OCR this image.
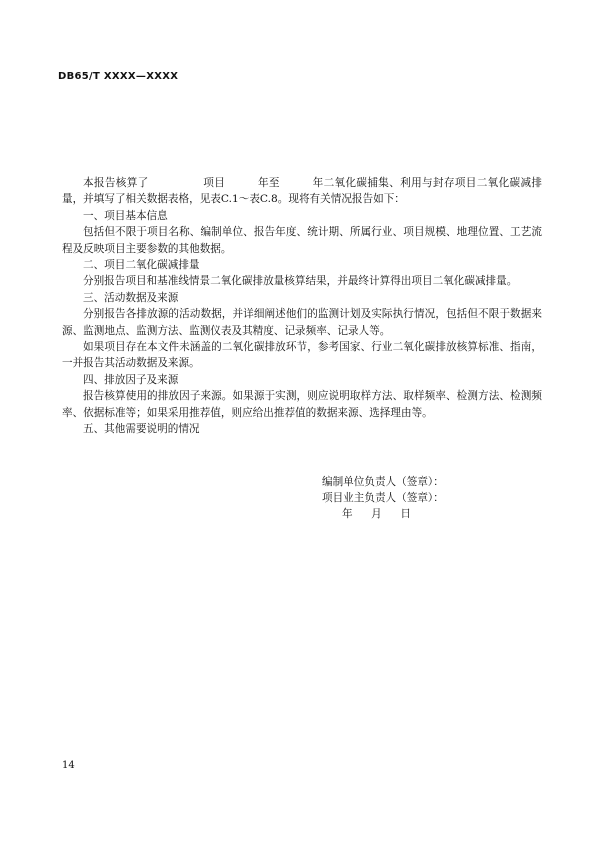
DB65/T XXXX—XXXX

本报告核算了　　　　　项目　　　年至　　　年二氧化碳捕集、利用与封存项目二氧化碳减排量，并填写了相关数据表格，见表C.1～表C.8。现将有关情况报告如下：

一、项目基本信息

包括但不限于项目名称、编制单位、报告年度、统计期、所属行业、项目规模、地理位置、工艺流程及反映项目主要参数的其他数据。

二、项目二氧化碳减排量

分别报告项目和基准线情景二氧化碳排放量核算结果，并最终计算得出项目二氧化碳减排量。

三、活动数据及来源

分别报告各排放源的活动数据，并详细阐述他们的监测计划及实际执行情况，包括但不限于数据来源、监测地点、监测方法、监测仪表及其精度、记录频率、记录人等。

如果项目存在本文件未涵盖的二氧化碳排放环节，参考国家、行业二氧化碳排放核算标准、指南，一并报告其活动数据及来源。

四、排放因子及来源

报告核算使用的排放因子来源。如果源于实测，则应说明取样方法、取样频率、检测方法、检测频率、依据标准等；如果采用推荐值，则应给出推荐值的数据来源、选择理由等。

五、其他需要说明的情况

编制单位负责人（签章）：
项目业主负责人（签章）：
年　月　日
14
